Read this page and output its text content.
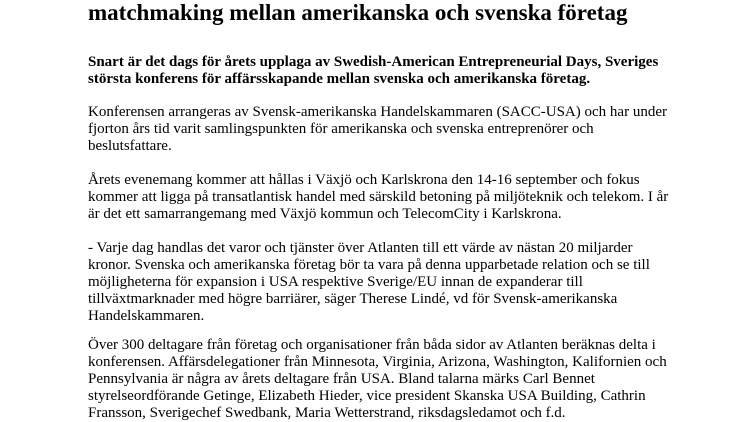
matchmaking mellan amerikanska och svenska företag

Snart är det dags för årets upplaga av Swedish-American Entrepreneurial Days, Sveriges
största konferens för affärsskapande mellan svenska och amerikanska företag.

Konferensen arrangeras av Svensk-amerikanska Handelskammaren (SACC-USA) och har under
fjorton års tid varit samlingspunkten för amerikanska och svenska entreprenörer och
beslutsfattare.

Årets evenemang kommer att hållas i Växjö och Karlskrona den 14-16 september och fokus
kommer att ligga på transatlantisk handel med särskild betoning på miljöteknik och telekom. I år
är det ett samarrangemang med Växjö kommun och TelecomCity i Karlskrona.

- Varje dag handlas det varor och tjänster över Atlanten till ett värde av nästan 20 miljarder
kronor. Svenska och amerikanska företag bör ta vara på denna upparbetade relation och se till
möjligheterna för expansion i USA respektive Sverige/EU innan de expanderar till
tillväxtmarknader med högre barriärer, säger Therese Lindé, vd för Svensk-amerikanska
Handelskammaren.

Över 300 deltagare från företag och organisationer från båda sidor av Atlanten beräknas delta i
konferensen. Affärsdelegationer från Minnesota, Virginia, Arizona, Washington, Kalifornien och
Pennsylvania är några av årets deltagare från USA. Bland talarna märks Carl Bennet
styrelseordförande Getinge, Elizabeth Hieder, vice president Skanska USA Building, Cathrin
Fransson, Sverigechef Swedbank, Maria Wetterstrand, riksdagsledamot och f.d.
